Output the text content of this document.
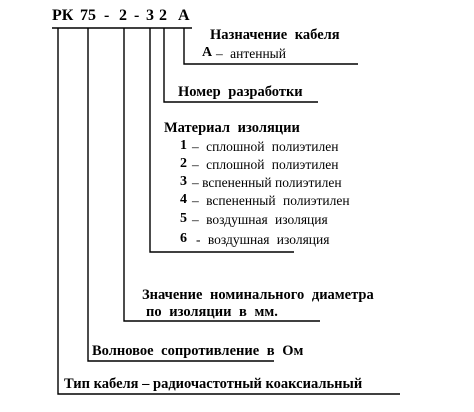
РК 75 - 2 - 3 2 А
Назначение кабеля
А – антенный
Номер разработки
Материал изоляции
1 – сплошной полиэтилен
2 – сплошной полиэтилен
3 – вспененный полиэтилен
4 – вспененный полиэтилен
5 – воздушная изоляция
6 - воздушная изоляция
Значение номинального диаметра
по изоляции в мм.
Волновое сопротивление в Ом
Тип кабеля – радиочастотный коаксиальный
